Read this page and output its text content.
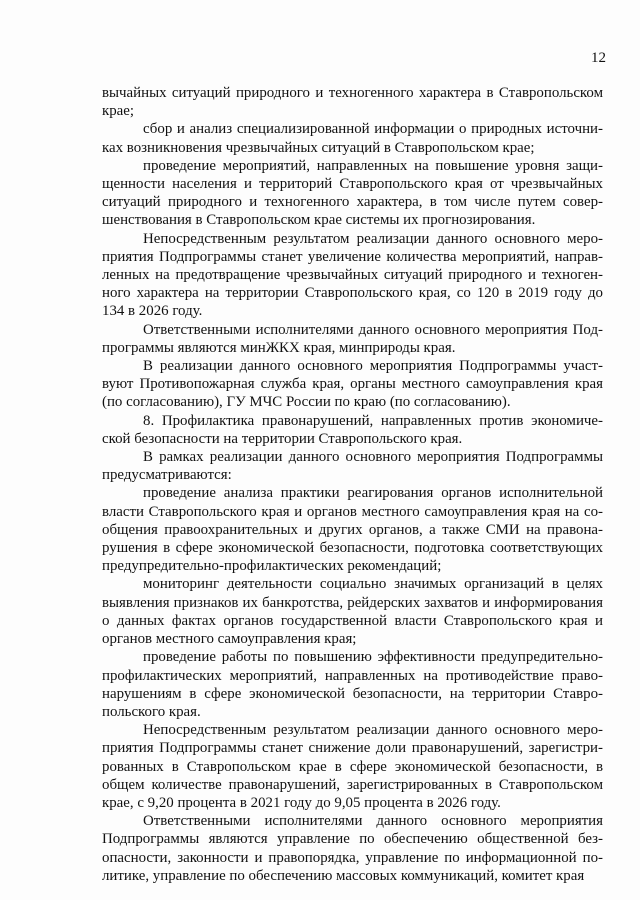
12

вычайных ситуаций природного и техногенного характера в Ставропольском крае;

сбор и анализ специализированной информации о природных источниках возникновения чрезвычайных ситуаций в Ставропольском крае;

проведение мероприятий, направленных на повышение уровня защищенности населения и территорий Ставропольского края от чрезвычайных ситуаций природного и техногенного характера, в том числе путем совершенствования в Ставропольском крае системы их прогнозирования.

Непосредственным результатом реализации данного основного мероприятия Подпрограммы станет увеличение количества мероприятий, направленных на предотвращение чрезвычайных ситуаций природного и техногенного характера на территории Ставропольского края, со 120 в 2019 году до 134 в 2026 году.

Ответственными исполнителями данного основного мероприятия Подпрограммы являются минЖКХ края, минприроды края.

В реализации данного основного мероприятия Подпрограммы участвуют Противопожарная служба края, органы местного самоуправления края (по согласованию), ГУ МЧС России по краю (по согласованию).

8. Профилактика правонарушений, направленных против экономической безопасности на территории Ставропольского края.

В рамках реализации данного основного мероприятия Подпрограммы предусматриваются:

проведение анализа практики реагирования органов исполнительной власти Ставропольского края и органов местного самоуправления края на сообщения правоохранительных и других органов, а также СМИ на правонарушения в сфере экономической безопасности, подготовка соответствующих предупредительно-профилактических рекомендаций;

мониторинг деятельности социально значимых организаций в целях выявления признаков их банкротства, рейдерских захватов и информирования о данных фактах органов государственной власти Ставропольского края и органов местного самоуправления края;

проведение работы по повышению эффективности предупредительно-профилактических мероприятий, направленных на противодействие правонарушениям в сфере экономической безопасности, на территории Ставропольского края.

Непосредственным результатом реализации данного основного мероприятия Подпрограммы станет снижение доли правонарушений, зарегистрированных в Ставропольском крае в сфере экономической безопасности, в общем количестве правонарушений, зарегистрированных в Ставропольском крае, с 9,20 процента в 2021 году до 9,05 процента в 2026 году.

Ответственными исполнителями данного основного мероприятия Подпрограммы являются управление по обеспечению общественной безопасности, законности и правопорядка, управление по информационной политике, управление по обеспечению массовых коммуникаций, комитет края
